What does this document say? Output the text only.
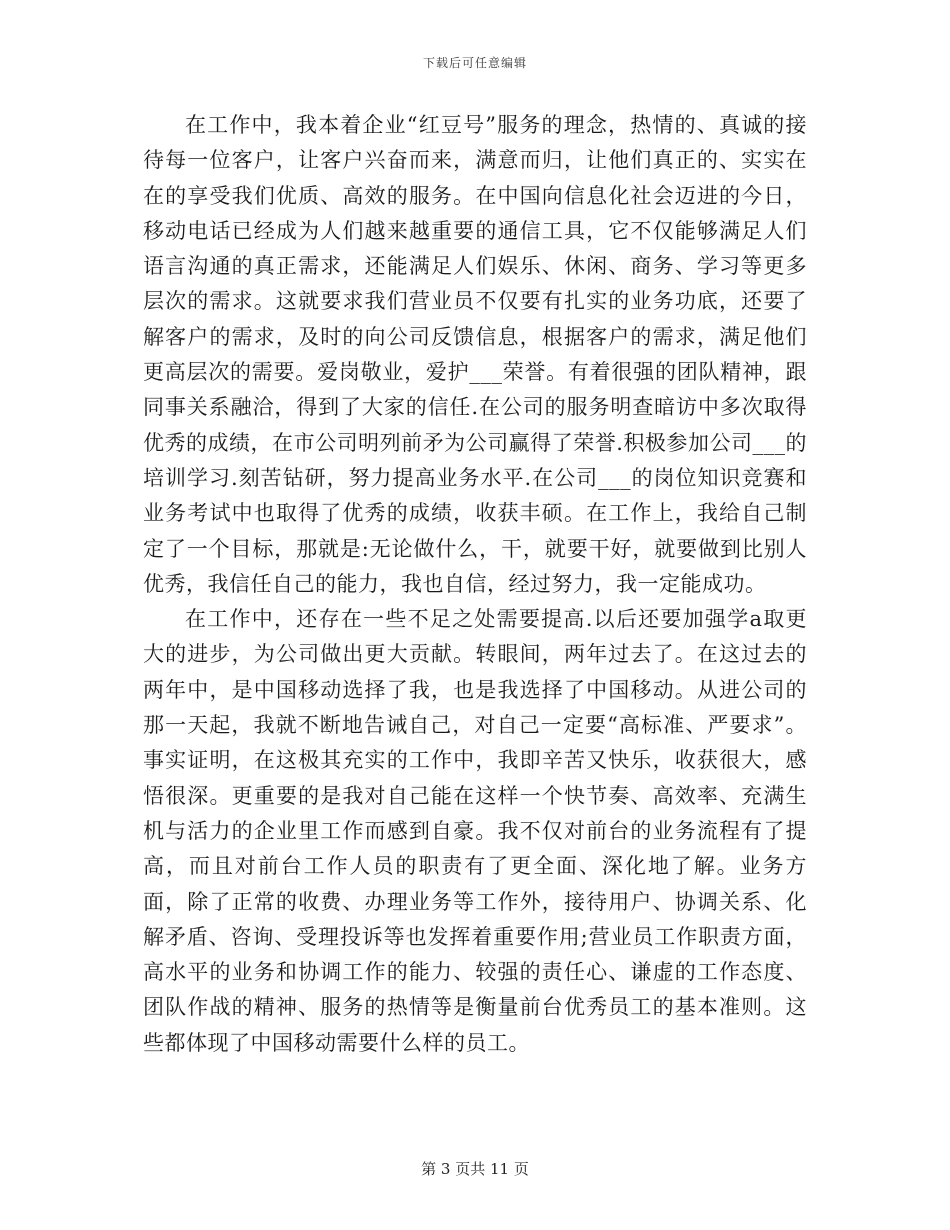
下载后可任意编辑

在工作中，我本着企业“红豆号”服务的理念，热情的、真诚的接待每一位客户，让客户兴奋而来，满意而归，让他们真正的、实实在在的享受我们优质、高效的服务。在中国向信息化社会迈进的今日，移动电话已经成为人们越来越重要的通信工具，它不仅能够满足人们语言沟通的真正需求，还能满足人们娱乐、休闲、商务、学习等更多层次的需求。这就要求我们营业员不仅要有扎实的业务功底，还要了解客户的需求，及时的向公司反馈信息，根据客户的需求，满足他们更高层次的需要。爱岗敬业，爱护___荣誉。有着很强的团队精神，跟同事关系融洽，得到了大家的信任.在公司的服务明查暗访中多次取得优秀的成绩，在市公司明列前矛为公司赢得了荣誉.积极参加公司___的培训学习.刻苦钻研，努力提高业务水平.在公司___的岗位知识竞赛和业务考试中也取得了优秀的成绩，收获丰硕。在工作上，我给自己制定了一个目标，那就是:无论做什么，干，就要干好，就要做到比别人优秀，我信任自己的能力，我也自信，经过努力，我一定能成功。

在工作中，还存在一些不足之处需要提高.以后还要加强学a取更大的进步，为公司做出更大贡献。转眼间，两年过去了。在这过去的两年中，是中国移动选择了我，也是我选择了中国移动。从进公司的那一天起，我就不断地告诫自己，对自己一定要“高标准、严要求”。事实证明，在这极其充实的工作中，我即辛苦又快乐，收获很大，感悟很深。更重要的是我对自己能在这样一个快节奏、高效率、充满生机与活力的企业里工作而感到自豪。我不仅对前台的业务流程有了提高，而且对前台工作人员的职责有了更全面、深化地了解。业务方面，除了正常的收费、办理业务等工作外，接待用户、协调关系、化解矛盾、咨询、受理投诉等也发挥着重要作用;营业员工作职责方面，高水平的业务和协调工作的能力、较强的责任心、谦虚的工作态度、团队作战的精神、服务的热情等是衡量前台优秀员工的基本准则。这些都体现了中国移动需要什么样的员工。

第 3 页共 11 页
